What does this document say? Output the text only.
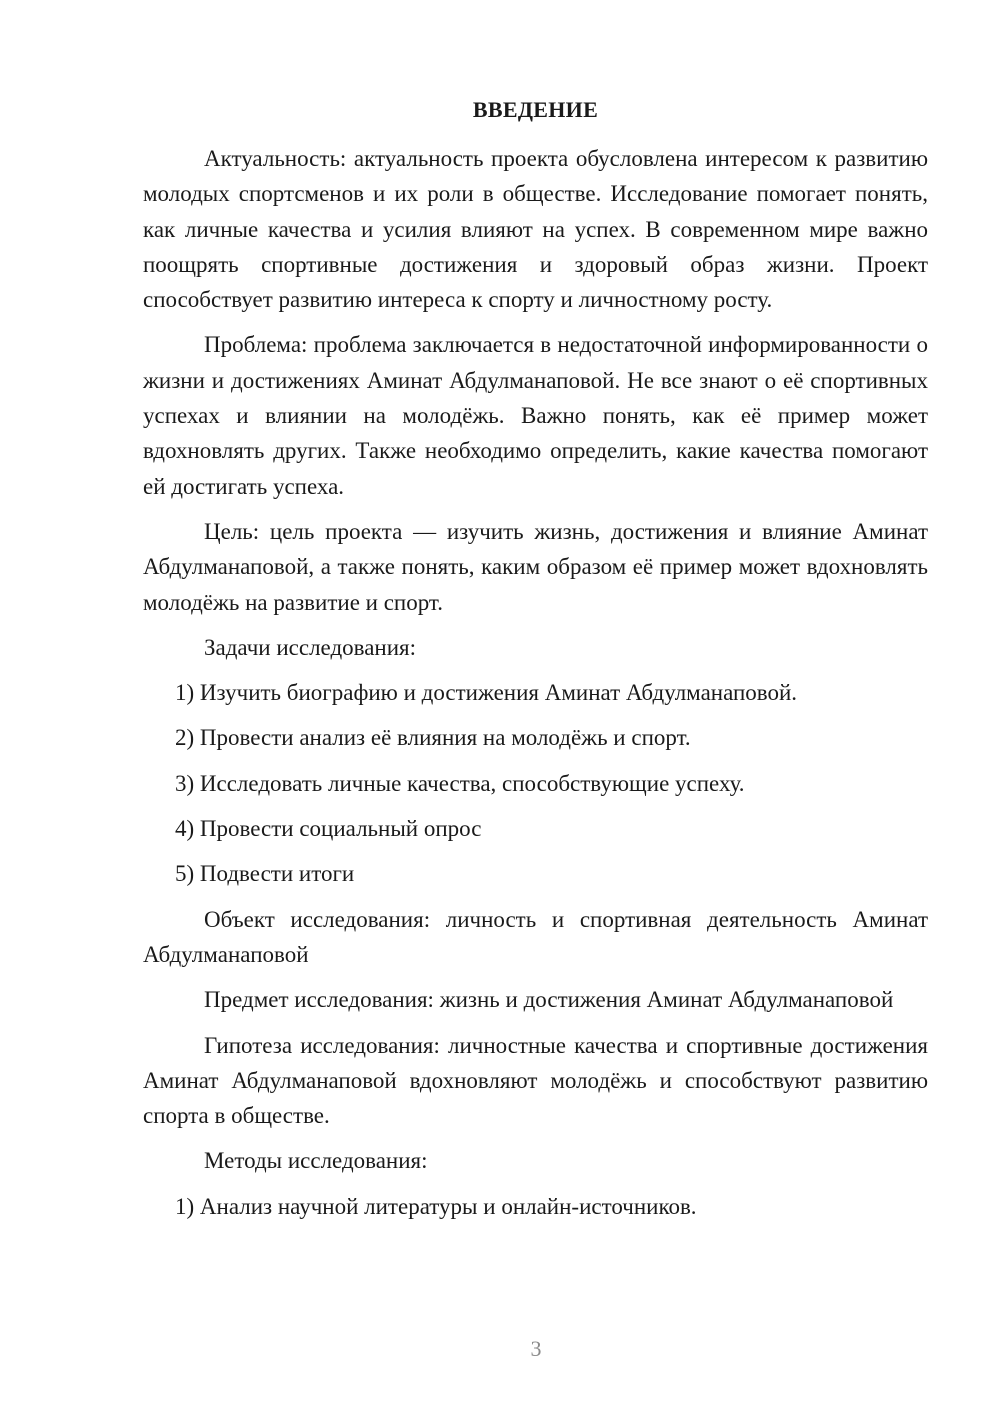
ВВЕДЕНИЕ

Актуальность: актуальность проекта обусловлена интересом к развитию молодых спортсменов и их роли в обществе. Исследование помогает понять, как личные качества и усилия влияют на успех. В современном мире важно поощрять спортивные достижения и здоровый образ жизни. Проект способствует развитию интереса к спорту и личностному росту.

Проблема: проблема заключается в недостаточной информированности о жизни и достижениях Аминат Абдулманаповой. Не все знают о её спортивных успехах и влиянии на молодёжь. Важно понять, как её пример может вдохновлять других. Также необходимо определить, какие качества помогают ей достигать успеха.

Цель: цель проекта — изучить жизнь, достижения и влияние Аминат Абдулманаповой, а также понять, каким образом её пример может вдохновлять молодёжь на развитие и спорт.

Задачи исследования:

1) Изучить биографию и достижения Аминат Абдулманаповой.

2) Провести анализ её влияния на молодёжь и спорт.

3) Исследовать личные качества, способствующие успеху.

4) Провести социальный опрос

5) Подвести итоги

Объект исследования: личность и спортивная деятельность Аминат Абдулмaнаповой

Предмет исследования: жизнь и достижения Аминат Абдулманаповой

Гипотеза исследования: личностные качества и спортивные достижения Аминат Абдулманаповой вдохновляют молодёжь и способствуют развитию спорта в обществе.

Методы исследования:

1) Анализ научной литературы и онлайн-источников.

3
